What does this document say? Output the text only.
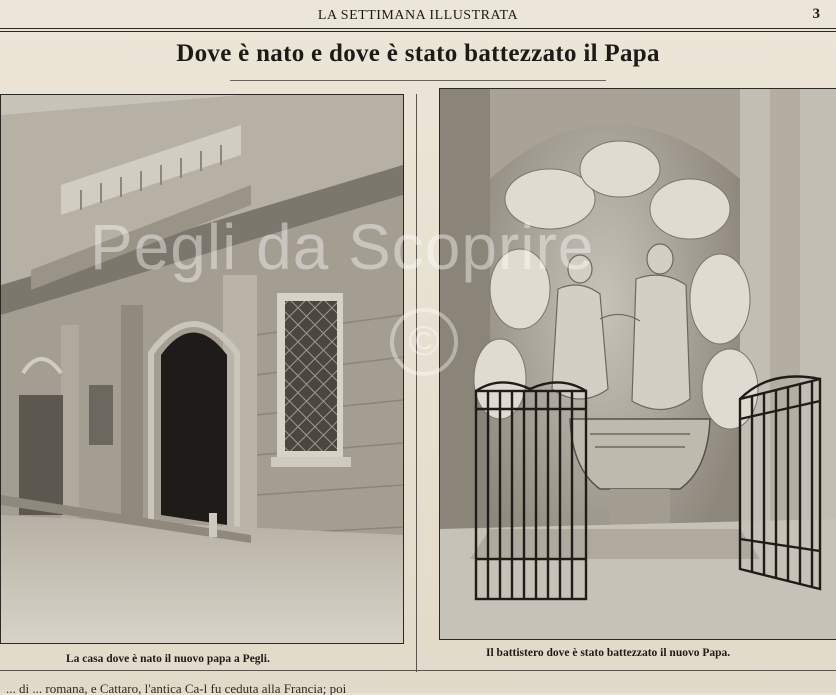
LA SETTIMANA ILLUSTRATA	3
Dove è nato e dove è stato battezzato il Papa
La casa dove è nato il nuovo papa a Pegli.	Il battistero dove è stato battezzato il nuovo Papa.
Pegli da Scoprire
©
... di ... romana, e Cattaro, l'antica Ca-l fu ceduta alla Francia; poi
